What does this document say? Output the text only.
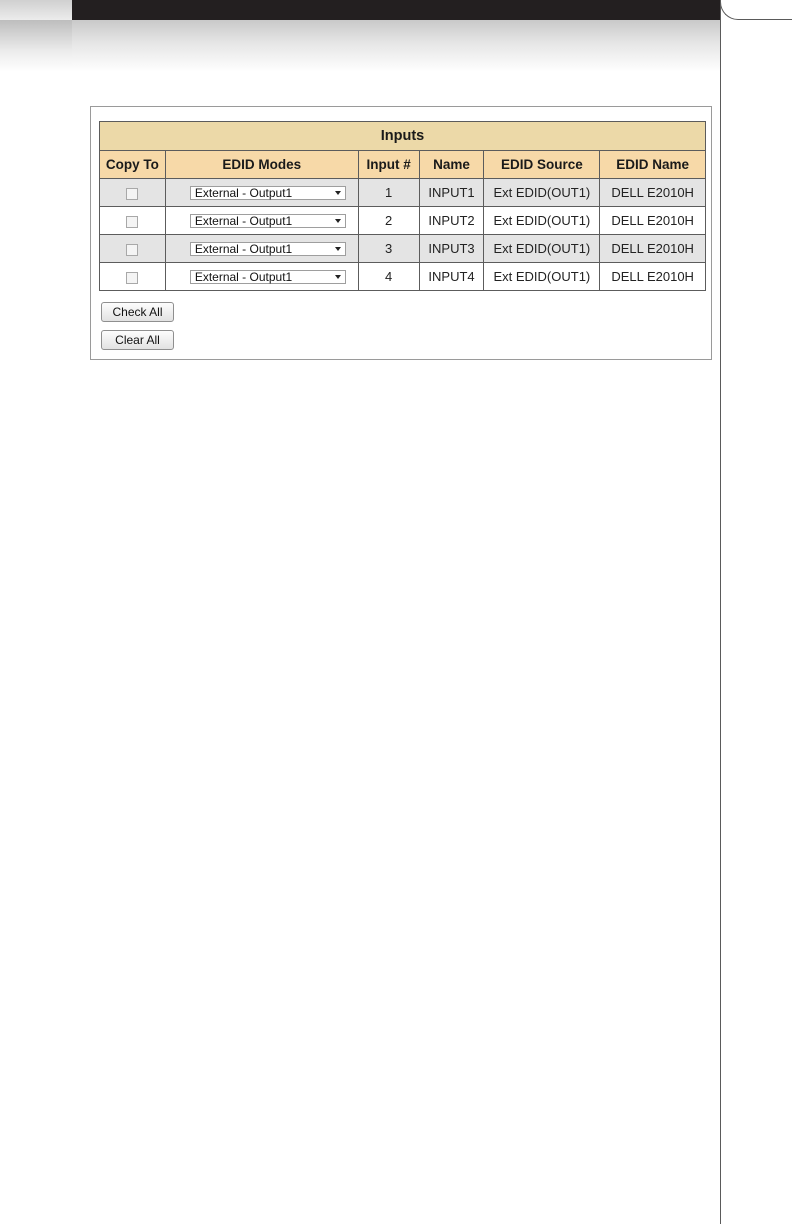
Inputs					
Copy To	EDID Modes	Input #	Name	EDID Source	EDID Name

	External - Output1	1	INPUT1	Ext EDID(OUT1)	DELL E2010H

	External - Output1	2	INPUT2	Ext EDID(OUT1)	DELL E2010H

	External - Output1	3	INPUT3	Ext EDID(OUT1)	DELL E2010H

	External - Output1	4	INPUT4	Ext EDID(OUT1)	DELL E2010H
Check All
Clear All
